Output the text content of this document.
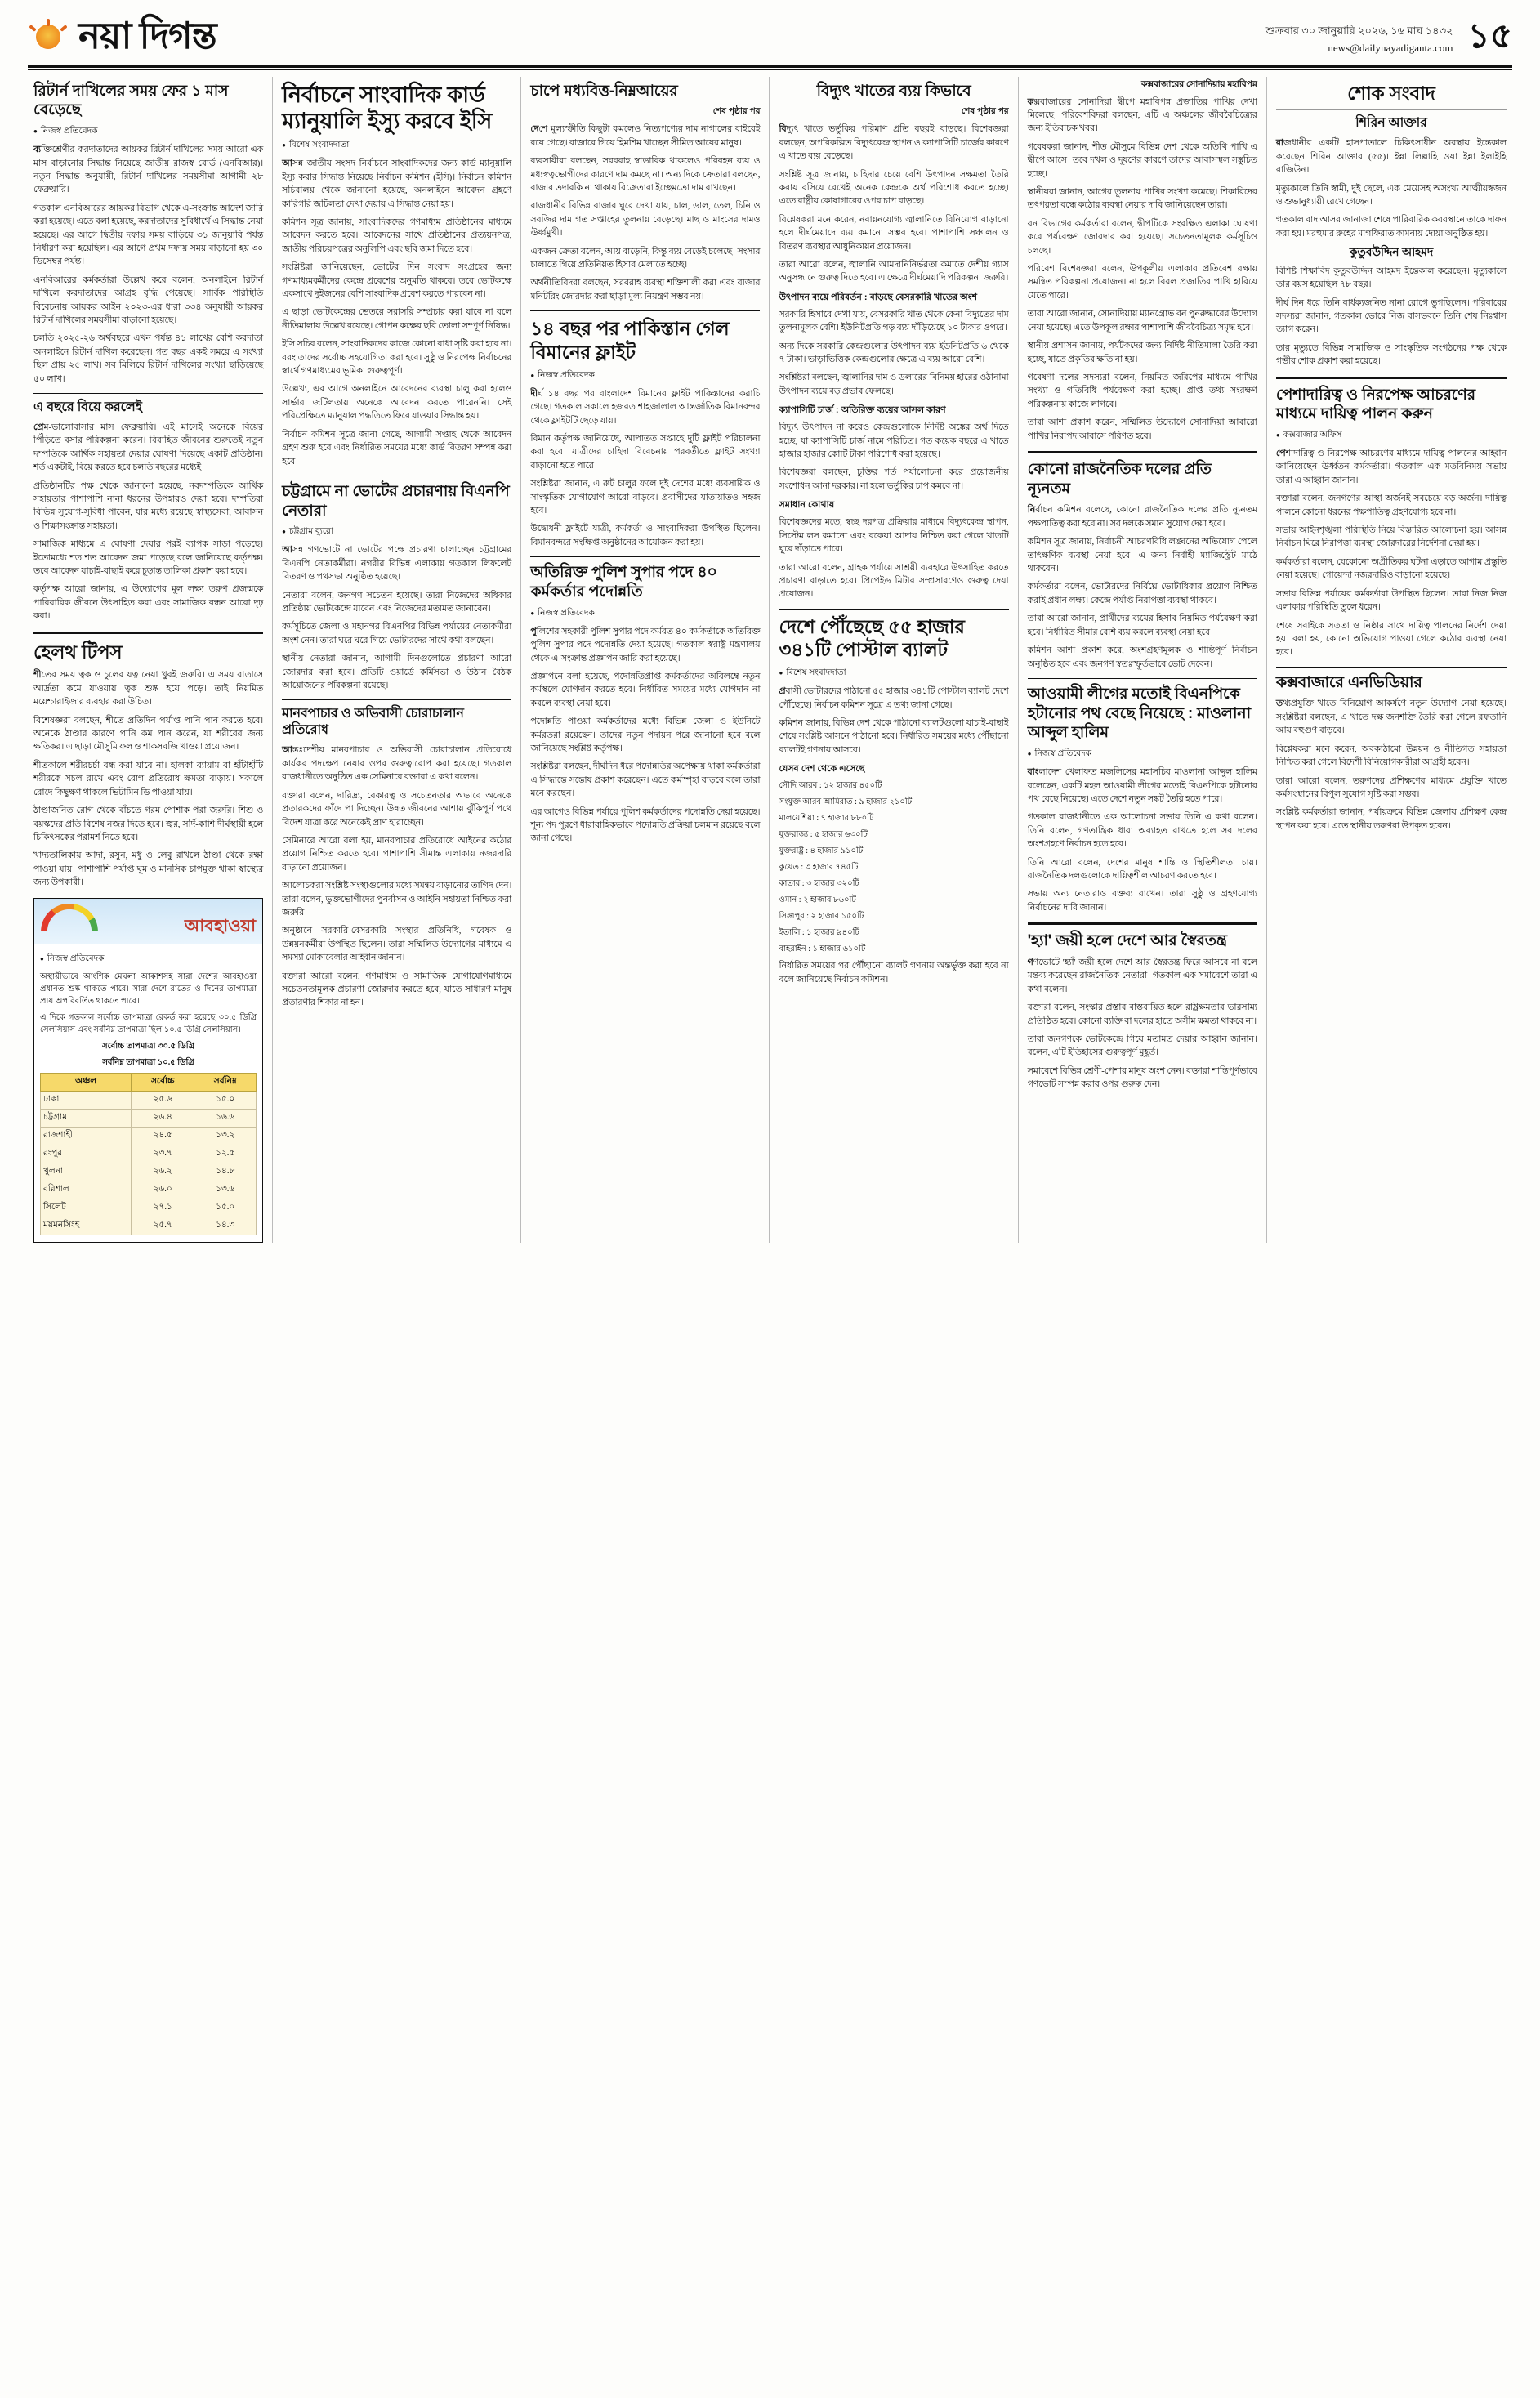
নয়া দিগন্ত	শুক্রবার ৩০ জানুয়ারি ২০২৬, ১৬ মাঘ ১৪৩২
news@dailynayadiganta.com ১৫
রিটার্ন দাখিলের সময় ফের ১ মাস বেড়েছে
● নিজস্ব প্রতিবেদক

ব্যক্তিশ্রেণীর করদাতাদের আয়কর রিটার্ন দাখিলের সময় আরো এক মাস বাড়ানোর সিদ্ধান্ত নিয়েছে জাতীয় রাজস্ব বোর্ড (এনবিআর)। নতুন সিদ্ধান্ত অনুযায়ী, রিটার্ন দাখিলের সময়সীমা আগামী ২৮ ফেব্রুয়ারি।

গতকাল এনবিআরের আয়কর বিভাগ থেকে এ-সংক্রান্ত আদেশ জারি করা হয়েছে। এতে বলা হয়েছে, করদাতাদের সুবিধার্থে এ সিদ্ধান্ত নেয়া হয়েছে। এর আগে দ্বিতীয় দফায় সময় বাড়িয়ে ৩১ জানুয়ারি পর্যন্ত নির্ধারণ করা হয়েছিল। এর আগে প্রথম দফায় সময় বাড়ানো হয় ৩০ ডিসেম্বর পর্যন্ত।

এনবিআরের কর্মকর্তারা উল্লেখ করে বলেন, অনলাইনে রিটার্ন দাখিলে করদাতাদের আগ্রহ বৃদ্ধি পেয়েছে। সার্বিক পরিস্থিতি বিবেচনায় আয়কর আইন ২০২৩-এর ধারা ৩৩৪ অনুযায়ী আয়কর রিটার্ন দাখিলের সময়সীমা বাড়ানো হয়েছে।

চলতি ২০২৫-২৬ অর্থবছরে এখন পর্যন্ত ৪১ লাখের বেশি করদাতা অনলাইনে রিটার্ন দাখিল করেছেন। গত বছর একই সময়ে এ সংখ্যা ছিল প্রায় ২৫ লাখ। সব মিলিয়ে রিটার্ন দাখিলের সংখ্যা ছাড়িয়েছে ৫০ লাখ।

এ বছরে বিয়ে করলেই

প্রেম-ভালোবাসার মাস ফেব্রুয়ারি। এই মাসেই অনেকে বিয়ের পিঁড়িতে বসার পরিকল্পনা করেন। বিবাহিত জীবনের শুরুতেই নতুন দম্পতিকে আর্থিক সহায়তা দেয়ার ঘোষণা দিয়েছে একটি প্রতিষ্ঠান। শর্ত একটাই, বিয়ে করতে হবে চলতি বছরের মধ্যেই।

প্রতিষ্ঠানটির পক্ষ থেকে জানানো হয়েছে, নবদম্পতিকে আর্থিক সহায়তার পাশাপাশি নানা ধরনের উপহারও দেয়া হবে। দম্পতিরা বিভিন্ন সুযোগ-সুবিধা পাবেন, যার মধ্যে রয়েছে স্বাস্থ্যসেবা, আবাসন ও শিক্ষাসংক্রান্ত সহায়তা।

সামাজিক মাধ্যমে এ ঘোষণা দেয়ার পরই ব্যাপক সাড়া পড়েছে। ইতোমধ্যে শত শত আবেদন জমা পড়েছে বলে জানিয়েছে কর্তৃপক্ষ। তবে আবেদন যাচাই-বাছাই করে চূড়ান্ত তালিকা প্রকাশ করা হবে।

কর্তৃপক্ষ আরো জানায়, এ উদ্যোগের মূল লক্ষ্য তরুণ প্রজন্মকে পারিবারিক জীবনে উৎসাহিত করা এবং সামাজিক বন্ধন আরো দৃঢ় করা।

হেলথ টিপস

শীতের সময় ত্বক ও চুলের যত্ন নেয়া খুবই জরুরি। এ সময় বাতাসে আর্দ্রতা কমে যাওয়ায় ত্বক শুষ্ক হয়ে পড়ে। তাই নিয়মিত ময়েশ্চারাইজার ব্যবহার করা উচিত।

বিশেষজ্ঞরা বলছেন, শীতে প্রতিদিন পর্যাপ্ত পানি পান করতে হবে। অনেকে ঠাণ্ডার কারণে পানি কম পান করেন, যা শরীরের জন্য ক্ষতিকর। এ ছাড়া মৌসুমি ফল ও শাকসবজি খাওয়া প্রয়োজন।

শীতকালে শরীরচর্চা বন্ধ করা যাবে না। হালকা ব্যায়াম বা হাঁটাহাঁটি শরীরকে সচল রাখে এবং রোগ প্রতিরোধ ক্ষমতা বাড়ায়। সকালে রোদে কিছুক্ষণ থাকলে ভিটামিন ডি পাওয়া যায়।

ঠাণ্ডাজনিত রোগ থেকে বাঁচতে গরম পোশাক পরা জরুরি। শিশু ও বয়স্কদের প্রতি বিশেষ নজর দিতে হবে। জ্বর, সর্দি-কাশি দীর্ঘস্থায়ী হলে চিকিৎসকের পরামর্শ নিতে হবে।

খাদ্যতালিকায় আদা, রসুন, মধু ও লেবু রাখলে ঠাণ্ডা থেকে রক্ষা পাওয়া যায়। পাশাপাশি পর্যাপ্ত ঘুম ও মানসিক চাপমুক্ত থাকা স্বাস্থ্যের জন্য উপকারী।

আবহাওয়া
● নিজস্ব প্রতিবেদক

অস্থায়ীভাবে আংশিক মেঘলা আকাশসহ সারা দেশের আবহাওয়া প্রধানত শুষ্ক থাকতে পারে। সারা দেশে রাতের ও দিনের তাপমাত্রা প্রায় অপরিবর্তিত থাকতে পারে।

এ দিকে গতকাল সর্বোচ্চ তাপমাত্রা রেকর্ড করা হয়েছে ৩০.৫ ডিগ্রি সেলসিয়াস এবং সর্বনিম্ন তাপমাত্রা ছিল ১০.৫ ডিগ্রি সেলসিয়াস।

সর্বোচ্চ তাপমাত্রা ৩০.৫ ডিগ্রি

সর্বনিম্ন তাপমাত্রা ১০.৫ ডিগ্রি

অঞ্চল	সর্বোচ্চ	সর্বনিম্ন
ঢাকা	২৫.৬	১৫.০
চট্টগ্রাম	২৬.৪	১৬.৬
রাজশাহী	২৪.৫	১৩.২
রংপুর	২৩.৭	১২.৫
খুলনা	২৬.২	১৪.৮
বরিশাল	২৬.০	১৩.৬
সিলেট	২৭.১	১৫.০
ময়মনসিংহ	২৫.৭	১৪.৩
নির্বাচনে সাংবাদিক কার্ড ম্যানুয়ালি ইস্যু করবে ইসি
● বিশেষ সংবাদদাতা

আসন্ন জাতীয় সংসদ নির্বাচনে সাংবাদিকদের জন্য কার্ড ম্যানুয়ালি ইস্যু করার সিদ্ধান্ত নিয়েছে নির্বাচন কমিশন (ইসি)। নির্বাচন কমিশন সচিবালয় থেকে জানানো হয়েছে, অনলাইনে আবেদন গ্রহণে কারিগরি জটিলতা দেখা দেয়ায় এ সিদ্ধান্ত নেয়া হয়।

কমিশন সূত্র জানায়, সাংবাদিকদের গণমাধ্যম প্রতিষ্ঠানের মাধ্যমে আবেদন করতে হবে। আবেদনের সাথে প্রতিষ্ঠানের প্রত্যয়নপত্র, জাতীয় পরিচয়পত্রের অনুলিপি এবং ছবি জমা দিতে হবে।

সংশ্লিষ্টরা জানিয়েছেন, ভোটের দিন সংবাদ সংগ্রহের জন্য গণমাধ্যমকর্মীদের কেন্দ্রে প্রবেশের অনুমতি থাকবে। তবে ভোটকক্ষে একসাথে দুইজনের বেশি সাংবাদিক প্রবেশ করতে পারবেন না।

এ ছাড়া ভোটকেন্দ্রের ভেতরে সরাসরি সম্প্রচার করা যাবে না বলে নীতিমালায় উল্লেখ রয়েছে। গোপন কক্ষের ছবি তোলা সম্পূর্ণ নিষিদ্ধ।

ইসি সচিব বলেন, সাংবাদিকদের কাজে কোনো বাধা সৃষ্টি করা হবে না। বরং তাদের সর্বোচ্চ সহযোগিতা করা হবে। সুষ্ঠু ও নিরপেক্ষ নির্বাচনের স্বার্থে গণমাধ্যমের ভূমিকা গুরুত্বপূর্ণ।

উল্লেখ্য, এর আগে অনলাইনে আবেদনের ব্যবস্থা চালু করা হলেও সার্ভার জটিলতায় অনেকে আবেদন করতে পারেননি। সেই পরিপ্রেক্ষিতে ম্যানুয়াল পদ্ধতিতে ফিরে যাওয়ার সিদ্ধান্ত হয়।

নির্বাচন কমিশন সূত্রে জানা গেছে, আগামী সপ্তাহ থেকে আবেদন গ্রহণ শুরু হবে এবং নির্ধারিত সময়ের মধ্যে কার্ড বিতরণ সম্পন্ন করা হবে।

চট্টগ্রামে না ভোটের প্রচারণায় বিএনপি নেতারা
● চট্টগ্রাম ব্যুরো

আসন্ন গণভোটে না ভোটের পক্ষে প্রচারণা চালাচ্ছেন চট্টগ্রামের বিএনপি নেতাকর্মীরা। নগরীর বিভিন্ন এলাকায় গতকাল লিফলেট বিতরণ ও পথসভা অনুষ্ঠিত হয়েছে।

নেতারা বলেন, জনগণ সচেতন হয়েছে। তারা নিজেদের অধিকার প্রতিষ্ঠায় ভোটকেন্দ্রে যাবেন এবং নিজেদের মতামত জানাবেন।

কর্মসূচিতে জেলা ও মহানগর বিএনপির বিভিন্ন পর্যায়ের নেতাকর্মীরা অংশ নেন। তারা ঘরে ঘরে গিয়ে ভোটারদের সাথে কথা বলছেন।

স্থানীয় নেতারা জানান, আগামী দিনগুলোতে প্রচারণা আরো জোরদার করা হবে। প্রতিটি ওয়ার্ডে কর্মিসভা ও উঠান বৈঠক আয়োজনের পরিকল্পনা রয়েছে।

মানবপাচার ও অভিবাসী চোরাচালান প্রতিরোধ

আন্তঃদেশীয় মানবপাচার ও অভিবাসী চোরাচালান প্রতিরোধে কার্যকর পদক্ষেপ নেয়ার ওপর গুরুত্বারোপ করা হয়েছে। গতকাল রাজধানীতে অনুষ্ঠিত এক সেমিনারে বক্তারা এ কথা বলেন।

বক্তারা বলেন, দারিদ্র্য, বেকারত্ব ও সচেতনতার অভাবে অনেকে প্রতারকদের ফাঁদে পা দিচ্ছেন। উন্নত জীবনের আশায় ঝুঁকিপূর্ণ পথে বিদেশ যাত্রা করে অনেকেই প্রাণ হারাচ্ছেন।

সেমিনারে আরো বলা হয়, মানবপাচার প্রতিরোধে আইনের কঠোর প্রয়োগ নিশ্চিত করতে হবে। পাশাপাশি সীমান্ত এলাকায় নজরদারি বাড়ানো প্রয়োজন।

আলোচকরা সংশ্লিষ্ট সংস্থাগুলোর মধ্যে সমন্বয় বাড়ানোর তাগিদ দেন। তারা বলেন, ভুক্তভোগীদের পুনর্বাসন ও আইনি সহায়তা নিশ্চিত করা জরুরি।

অনুষ্ঠানে সরকারি-বেসরকারি সংস্থার প্রতিনিধি, গবেষক ও উন্নয়নকর্মীরা উপস্থিত ছিলেন। তারা সম্মিলিত উদ্যোগের মাধ্যমে এ সমস্যা মোকাবেলার আহ্বান জানান।

বক্তারা আরো বলেন, গণমাধ্যম ও সামাজিক যোগাযোগমাধ্যমে সচেতনতামূলক প্রচারণা জোরদার করতে হবে, যাতে সাধারণ মানুষ প্রতারণার শিকার না হন।

চাপে মধ্যবিত্ত-নিম্নআয়ের
শেষ পৃষ্ঠার পর

দেশে মূল্যস্ফীতি কিছুটা কমলেও নিত্যপণ্যের দাম নাগালের বাইরেই রয়ে গেছে। বাজারে গিয়ে হিমশিম খাচ্ছেন সীমিত আয়ের মানুষ।

ব্যবসায়ীরা বলছেন, সরবরাহ স্বাভাবিক থাকলেও পরিবহন ব্যয় ও মধ্যস্বত্বভোগীদের কারণে দাম কমছে না। অন্য দিকে ক্রেতারা বলছেন, বাজার তদারকি না থাকায় বিক্রেতারা ইচ্ছেমতো দাম রাখছেন।

রাজধানীর বিভিন্ন বাজার ঘুরে দেখা যায়, চাল, ডাল, তেল, চিনি ও সবজির দাম গত সপ্তাহের তুলনায় বেড়েছে। মাছ ও মাংসের দামও ঊর্ধ্বমুখী।

একজন ক্রেতা বলেন, আয় বাড়েনি, কিন্তু ব্যয় বেড়েই চলেছে। সংসার চালাতে গিয়ে প্রতিনিয়ত হিসাব মেলাতে হচ্ছে।

অর্থনীতিবিদরা বলছেন, সরবরাহ ব্যবস্থা শক্তিশালী করা এবং বাজার মনিটরিং জোরদার করা ছাড়া মূল্য নিয়ন্ত্রণ সম্ভব নয়।

১৪ বছর পর পাকিস্তান গেল বিমানের ফ্লাইট
● নিজস্ব প্রতিবেদক

দীর্ঘ ১৪ বছর পর বাংলাদেশ বিমানের ফ্লাইট পাকিস্তানের করাচি গেছে। গতকাল সকালে হজরত শাহজালাল আন্তর্জাতিক বিমানবন্দর থেকে ফ্লাইটটি ছেড়ে যায়।

বিমান কর্তৃপক্ষ জানিয়েছে, আপাতত সপ্তাহে দুটি ফ্লাইট পরিচালনা করা হবে। যাত্রীদের চাহিদা বিবেচনায় পরবর্তীতে ফ্লাইট সংখ্যা বাড়ানো হতে পারে।

সংশ্লিষ্টরা জানান, এ রুট চালুর ফলে দুই দেশের মধ্যে ব্যবসায়িক ও সাংস্কৃতিক যোগাযোগ আরো বাড়বে। প্রবাসীদের যাতায়াতও সহজ হবে।

উদ্বোধনী ফ্লাইটে যাত্রী, কর্মকর্তা ও সাংবাদিকরা উপস্থিত ছিলেন। বিমানবন্দরে সংক্ষিপ্ত অনুষ্ঠানের আয়োজন করা হয়।

অতিরিক্ত পুলিশ সুপার পদে ৪০ কর্মকর্তার পদোন্নতি
● নিজস্ব প্রতিবেদক

পুলিশের সহকারী পুলিশ সুপার পদে কর্মরত ৪০ কর্মকর্তাকে অতিরিক্ত পুলিশ সুপার পদে পদোন্নতি দেয়া হয়েছে। গতকাল স্বরাষ্ট্র মন্ত্রণালয় থেকে এ-সংক্রান্ত প্রজ্ঞাপন জারি করা হয়েছে।

প্রজ্ঞাপনে বলা হয়েছে, পদোন্নতিপ্রাপ্ত কর্মকর্তাদের অবিলম্বে নতুন কর্মস্থলে যোগদান করতে হবে। নির্ধারিত সময়ের মধ্যে যোগদান না করলে ব্যবস্থা নেয়া হবে।

পদোন্নতি পাওয়া কর্মকর্তাদের মধ্যে বিভিন্ন জেলা ও ইউনিটে কর্মরতরা রয়েছেন। তাদের নতুন পদায়ন পরে জানানো হবে বলে জানিয়েছে সংশ্লিষ্ট কর্তৃপক্ষ।

সংশ্লিষ্টরা বলছেন, দীর্ঘদিন ধরে পদোন্নতির অপেক্ষায় থাকা কর্মকর্তারা এ সিদ্ধান্তে সন্তোষ প্রকাশ করেছেন। এতে কর্মস্পৃহা বাড়বে বলে তারা মনে করছেন।

এর আগেও বিভিন্ন পর্যায়ে পুলিশ কর্মকর্তাদের পদোন্নতি দেয়া হয়েছে। শূন্য পদ পূরণে ধারাবাহিকভাবে পদোন্নতি প্রক্রিয়া চলমান রয়েছে বলে জানা গেছে।

বিদ্যুৎ খাতের ব্যয় কিভাবে
শেষ পৃষ্ঠার পর

বিদ্যুৎ খাতে ভর্তুকির পরিমাণ প্রতি বছরই বাড়ছে। বিশেষজ্ঞরা বলছেন, অপরিকল্পিত বিদ্যুৎকেন্দ্র স্থাপন ও ক্যাপাসিটি চার্জের কারণে এ খাতে ব্যয় বেড়েছে।

সংশ্লিষ্ট সূত্র জানায়, চাহিদার চেয়ে বেশি উৎপাদন সক্ষমতা তৈরি করায় বসিয়ে রেখেই অনেক কেন্দ্রকে অর্থ পরিশোধ করতে হচ্ছে। এতে রাষ্ট্রীয় কোষাগারের ওপর চাপ বাড়ছে।

বিশ্লেষকরা মনে করেন, নবায়নযোগ্য জ্বালানিতে বিনিয়োগ বাড়ানো হলে দীর্ঘমেয়াদে ব্যয় কমানো সম্ভব হবে। পাশাপাশি সঞ্চালন ও বিতরণ ব্যবস্থার আধুনিকায়ন প্রয়োজন।

তারা আরো বলেন, জ্বালানি আমদানিনির্ভরতা কমাতে দেশীয় গ্যাস অনুসন্ধানে গুরুত্ব দিতে হবে। এ ক্ষেত্রে দীর্ঘমেয়াদি পরিকল্পনা জরুরি।

উৎপাদন ব্যয়ে পরিবর্তন : বাড়ছে বেসরকারি খাতের অংশ

সরকারি হিসাবে দেখা যায়, বেসরকারি খাত থেকে কেনা বিদ্যুতের দাম তুলনামূলক বেশি। ইউনিটপ্রতি গড় ব্যয় দাঁড়িয়েছে ১০ টাকার ওপরে।

অন্য দিকে সরকারি কেন্দ্রগুলোর উৎপাদন ব্যয় ইউনিটপ্রতি ৬ থেকে ৭ টাকা। ভাড়াভিত্তিক কেন্দ্রগুলোর ক্ষেত্রে এ ব্যয় আরো বেশি।

সংশ্লিষ্টরা বলছেন, জ্বালানির দাম ও ডলারের বিনিময় হারের ওঠানামা উৎপাদন ব্যয়ে বড় প্রভাব ফেলছে।

ক্যাপাসিটি চার্জ : অতিরিক্ত ব্যয়ের আসল কারণ

বিদ্যুৎ উৎপাদন না করেও কেন্দ্রগুলোকে নির্দিষ্ট অঙ্কের অর্থ দিতে হচ্ছে, যা ক্যাপাসিটি চার্জ নামে পরিচিত। গত কয়েক বছরে এ খাতে হাজার হাজার কোটি টাকা পরিশোধ করা হয়েছে।

বিশেষজ্ঞরা বলছেন, চুক্তির শর্ত পর্যালোচনা করে প্রয়োজনীয় সংশোধন আনা দরকার। না হলে ভর্তুকির চাপ কমবে না।

সমাধান কোথায়

বিশেষজ্ঞদের মতে, স্বচ্ছ দরপত্র প্রক্রিয়ার মাধ্যমে বিদ্যুৎকেন্দ্র স্থাপন, সিস্টেম লস কমানো এবং বকেয়া আদায় নিশ্চিত করা গেলে খাতটি ঘুরে দাঁড়াতে পারে।

তারা আরো বলেন, গ্রাহক পর্যায়ে সাশ্রয়ী ব্যবহারে উৎসাহিত করতে প্রচারণা বাড়াতে হবে। প্রিপেইড মিটার সম্প্রসারণেও গুরুত্ব দেয়া প্রয়োজন।

দেশে পৌঁছেছে ৫৫ হাজার ৩৪১টি পোস্টাল ব্যালট
● বিশেষ সংবাদদাতা

প্রবাসী ভোটারদের পাঠানো ৫৫ হাজার ৩৪১টি পোস্টাল ব্যালট দেশে পৌঁছেছে। নির্বাচন কমিশন সূত্রে এ তথ্য জানা গেছে।

কমিশন জানায়, বিভিন্ন দেশ থেকে পাঠানো ব্যালটগুলো যাচাই-বাছাই শেষে সংশ্লিষ্ট আসনে পাঠানো হবে। নির্ধারিত সময়ের মধ্যে পৌঁছানো ব্যালটই গণনায় আসবে।

যেসব দেশ থেকে এসেছে

সৌদি আরব : ১২ হাজার ৪৫০টি

সংযুক্ত আরব আমিরাত : ৯ হাজার ২১০টি

মালয়েশিয়া : ৭ হাজার ৮৮০টি

যুক্তরাজ্য : ৫ হাজার ৬৩০টি

যুক্তরাষ্ট্র : ৪ হাজার ৯১০টি

কুয়েত : ৩ হাজার ৭৪৫টি

কাতার : ৩ হাজার ৩২০টি

ওমান : ২ হাজার ৮৬০টি

সিঙ্গাপুর : ২ হাজার ১৫০টি

ইতালি : ১ হাজার ৯৪০টি

বাহরাইন : ১ হাজার ৬১০টি

নির্ধারিত সময়ের পর পৌঁছানো ব্যালট গণনায় অন্তর্ভুক্ত করা হবে না বলে জানিয়েছে নির্বাচন কমিশন।

কক্সবাজারের সোনাদিয়ায় মহাবিপন্ন

কক্সবাজারের সোনাদিয়া দ্বীপে মহাবিপন্ন প্রজাতির পাখির দেখা মিলেছে। পরিবেশবিদরা বলছেন, এটি এ অঞ্চলের জীববৈচিত্র্যের জন্য ইতিবাচক খবর।

গবেষকরা জানান, শীত মৌসুমে বিভিন্ন দেশ থেকে অতিথি পাখি এ দ্বীপে আসে। তবে দখল ও দূষণের কারণে তাদের আবাসস্থল সঙ্কুচিত হচ্ছে।

স্থানীয়রা জানান, আগের তুলনায় পাখির সংখ্যা কমেছে। শিকারিদের তৎপরতা বন্ধে কঠোর ব্যবস্থা নেয়ার দাবি জানিয়েছেন তারা।

বন বিভাগের কর্মকর্তারা বলেন, দ্বীপটিকে সংরক্ষিত এলাকা ঘোষণা করে পর্যবেক্ষণ জোরদার করা হয়েছে। সচেতনতামূলক কর্মসূচিও চলছে।

পরিবেশ বিশেষজ্ঞরা বলেন, উপকূলীয় এলাকার প্রতিবেশ রক্ষায় সমন্বিত পরিকল্পনা প্রয়োজন। না হলে বিরল প্রজাতির পাখি হারিয়ে যেতে পারে।

তারা আরো জানান, সোনাদিয়ায় ম্যানগ্রোভ বন পুনরুদ্ধারের উদ্যোগ নেয়া হয়েছে। এতে উপকূল রক্ষার পাশাপাশি জীববৈচিত্র্য সমৃদ্ধ হবে।

স্থানীয় প্রশাসন জানায়, পর্যটকদের জন্য নির্দিষ্ট নীতিমালা তৈরি করা হচ্ছে, যাতে প্রকৃতির ক্ষতি না হয়।

গবেষণা দলের সদস্যরা বলেন, নিয়মিত জরিপের মাধ্যমে পাখির সংখ্যা ও গতিবিধি পর্যবেক্ষণ করা হচ্ছে। প্রাপ্ত তথ্য সংরক্ষণ পরিকল্পনায় কাজে লাগবে।

তারা আশা প্রকাশ করেন, সম্মিলিত উদ্যোগে সোনাদিয়া আবারো পাখির নিরাপদ আবাসে পরিণত হবে।

কোনো রাজনৈতিক দলের প্রতি ন্যূনতম

নির্বাচন কমিশন বলেছে, কোনো রাজনৈতিক দলের প্রতি ন্যূনতম পক্ষপাতিত্ব করা হবে না। সব দলকে সমান সুযোগ দেয়া হবে।

কমিশন সূত্র জানায়, নির্বাচনী আচরণবিধি লঙ্ঘনের অভিযোগ পেলে তাৎক্ষণিক ব্যবস্থা নেয়া হবে। এ জন্য নির্বাহী ম্যাজিস্ট্রেট মাঠে থাকবেন।

কর্মকর্তারা বলেন, ভোটারদের নির্বিঘ্নে ভোটাধিকার প্রয়োগ নিশ্চিত করাই প্রধান লক্ষ্য। কেন্দ্রে পর্যাপ্ত নিরাপত্তা ব্যবস্থা থাকবে।

তারা আরো জানান, প্রার্থীদের ব্যয়ের হিসাব নিয়মিত পর্যবেক্ষণ করা হবে। নির্ধারিত সীমার বেশি ব্যয় করলে ব্যবস্থা নেয়া হবে।

কমিশন আশা প্রকাশ করে, অংশগ্রহণমূলক ও শান্তিপূর্ণ নির্বাচন অনুষ্ঠিত হবে এবং জনগণ স্বতঃস্ফূর্তভাবে ভোট দেবেন।

আওয়ামী লীগের মতোই বিএনপিকে হটানোর পথ বেছে নিয়েছে : মাওলানা আব্দুল হালিম
● নিজস্ব প্রতিবেদক

বাংলাদেশ খেলাফত মজলিসের মহাসচিব মাওলানা আব্দুল হালিম বলেছেন, একটি মহল আওয়ামী লীগের মতোই বিএনপিকে হটানোর পথ বেছে নিয়েছে। এতে দেশে নতুন সঙ্কট তৈরি হতে পারে।

গতকাল রাজধানীতে এক আলোচনা সভায় তিনি এ কথা বলেন। তিনি বলেন, গণতান্ত্রিক ধারা অব্যাহত রাখতে হলে সব দলের অংশগ্রহণে নির্বাচন হতে হবে।

তিনি আরো বলেন, দেশের মানুষ শান্তি ও স্থিতিশীলতা চায়। রাজনৈতিক দলগুলোকে দায়িত্বশীল আচরণ করতে হবে।

সভায় অন্য নেতারাও বক্তব্য রাখেন। তারা সুষ্ঠু ও গ্রহণযোগ্য নির্বাচনের দাবি জানান।

'হ্যা' জয়ী হলে দেশে আর স্বৈরতন্ত্র

গণভোটে 'হ্যাঁ' জয়ী হলে দেশে আর স্বৈরতন্ত্র ফিরে আসবে না বলে মন্তব্য করেছেন রাজনৈতিক নেতারা। গতকাল এক সমাবেশে তারা এ কথা বলেন।

বক্তারা বলেন, সংস্কার প্রস্তাব বাস্তবায়িত হলে রাষ্ট্রক্ষমতার ভারসাম্য প্রতিষ্ঠিত হবে। কোনো ব্যক্তি বা দলের হাতে অসীম ক্ষমতা থাকবে না।

তারা জনগণকে ভোটকেন্দ্রে গিয়ে মতামত দেয়ার আহ্বান জানান। বলেন, এটি ইতিহাসের গুরুত্বপূর্ণ মুহূর্ত।

সমাবেশে বিভিন্ন শ্রেণী-পেশার মানুষ অংশ নেন। বক্তারা শান্তিপূর্ণভাবে গণভোট সম্পন্ন করার ওপর গুরুত্ব দেন।

শোক সংবাদ
শিরিন আক্তার

রাজধানীর একটি হাসপাতালে চিকিৎসাধীন অবস্থায় ইন্তেকাল করেছেন শিরিন আক্তার (৫৫)। ইন্না লিল্লাহি ওয়া ইন্না ইলাইহি রাজিউন।

মৃত্যুকালে তিনি স্বামী, দুই ছেলে, এক মেয়েসহ অসংখ্য আত্মীয়স্বজন ও শুভানুধ্যায়ী রেখে গেছেন।

গতকাল বাদ আসর জানাজা শেষে পারিবারিক কবরস্থানে তাকে দাফন করা হয়। মরহুমার রুহের মাগফিরাত কামনায় দোয়া অনুষ্ঠিত হয়।

কুতুবউদ্দিন আহমদ

বিশিষ্ট শিক্ষাবিদ কুতুবউদ্দিন আহমদ ইন্তেকাল করেছেন। মৃত্যুকালে তার বয়স হয়েছিল ৭৮ বছর।

দীর্ঘ দিন ধরে তিনি বার্ধক্যজনিত নানা রোগে ভুগছিলেন। পরিবারের সদস্যরা জানান, গতকাল ভোরে নিজ বাসভবনে তিনি শেষ নিঃশ্বাস ত্যাগ করেন।

তার মৃত্যুতে বিভিন্ন সামাজিক ও সাংস্কৃতিক সংগঠনের পক্ষ থেকে গভীর শোক প্রকাশ করা হয়েছে।

পেশাদারিত্ব ও নিরপেক্ষ আচরণের মাধ্যমে দায়িত্ব পালন করুন
● কক্সবাজার অফিস

পেশাদারিত্ব ও নিরপেক্ষ আচরণের মাধ্যমে দায়িত্ব পালনের আহ্বান জানিয়েছেন ঊর্ধ্বতন কর্মকর্তারা। গতকাল এক মতবিনিময় সভায় তারা এ আহ্বান জানান।

বক্তারা বলেন, জনগণের আস্থা অর্জনই সবচেয়ে বড় অর্জন। দায়িত্ব পালনে কোনো ধরনের পক্ষপাতিত্ব গ্রহণযোগ্য হবে না।

সভায় আইনশৃঙ্খলা পরিস্থিতি নিয়ে বিস্তারিত আলোচনা হয়। আসন্ন নির্বাচন ঘিরে নিরাপত্তা ব্যবস্থা জোরদারের নির্দেশনা দেয়া হয়।

কর্মকর্তারা বলেন, যেকোনো অপ্রীতিকর ঘটনা এড়াতে আগাম প্রস্তুতি নেয়া হয়েছে। গোয়েন্দা নজরদারিও বাড়ানো হয়েছে।

সভায় বিভিন্ন পর্যায়ের কর্মকর্তারা উপস্থিত ছিলেন। তারা নিজ নিজ এলাকার পরিস্থিতি তুলে ধরেন।

শেষে সবাইকে সততা ও নিষ্ঠার সাথে দায়িত্ব পালনের নির্দেশ দেয়া হয়। বলা হয়, কোনো অভিযোগ পাওয়া গেলে কঠোর ব্যবস্থা নেয়া হবে।

কক্সবাজারে এনভিডিয়ার

তথ্যপ্রযুক্তি খাতে বিনিয়োগ আকর্ষণে নতুন উদ্যোগ নেয়া হয়েছে। সংশ্লিষ্টরা বলছেন, এ খাতে দক্ষ জনশক্তি তৈরি করা গেলে রফতানি আয় বহুগুণ বাড়বে।

বিশ্লেষকরা মনে করেন, অবকাঠামো উন্নয়ন ও নীতিগত সহায়তা নিশ্চিত করা গেলে বিদেশী বিনিয়োগকারীরা আগ্রহী হবেন।

তারা আরো বলেন, তরুণদের প্রশিক্ষণের মাধ্যমে প্রযুক্তি খাতে কর্মসংস্থানের বিপুল সুযোগ সৃষ্টি করা সম্ভব।

সংশ্লিষ্ট কর্মকর্তারা জানান, পর্যায়ক্রমে বিভিন্ন জেলায় প্রশিক্ষণ কেন্দ্র স্থাপন করা হবে। এতে স্থানীয় তরুণরা উপকৃত হবেন।
